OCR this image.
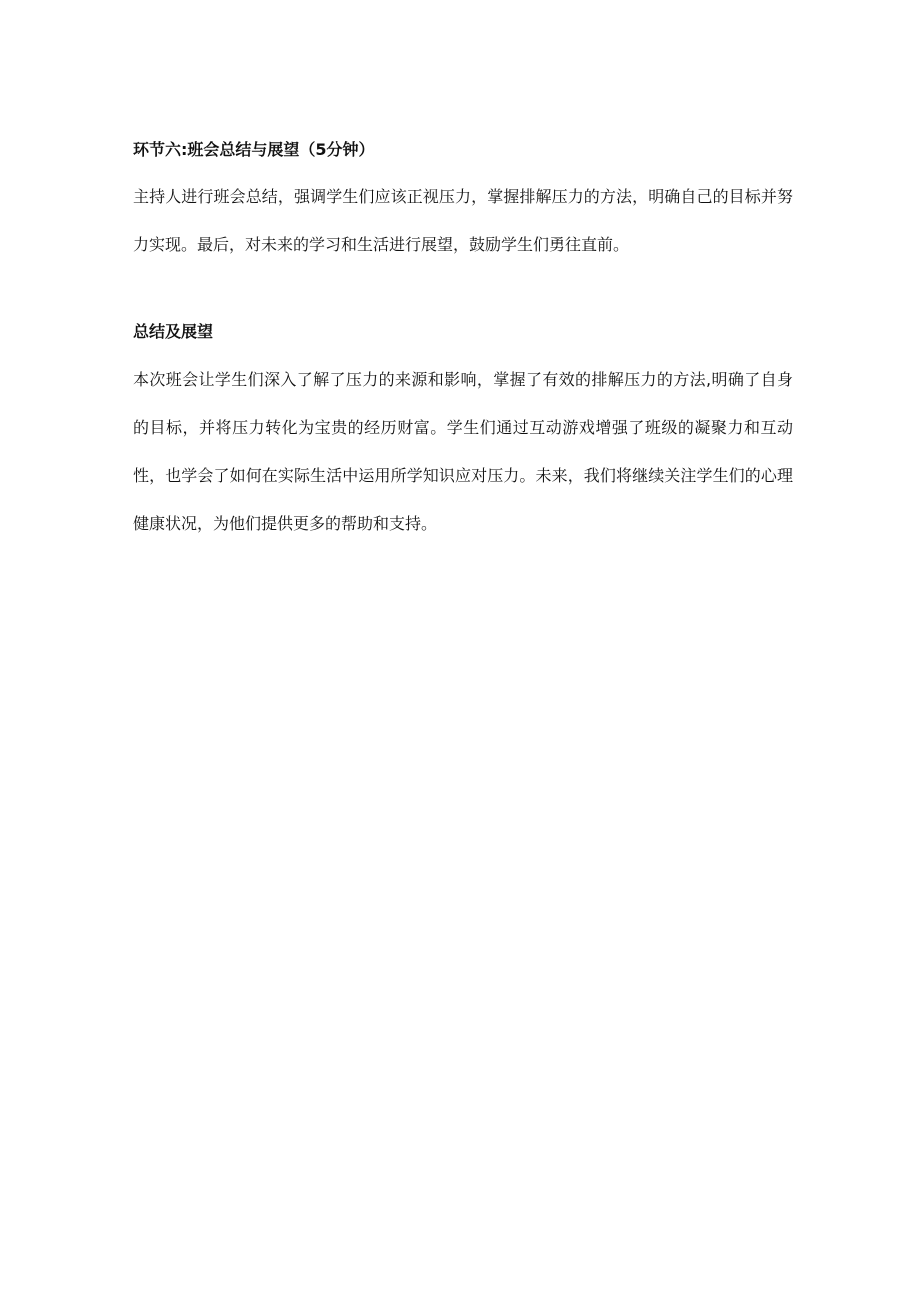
环节六:班会总结与展望（5分钟）

主持人进行班会总结，强调学生们应该正视压力，掌握排解压力的方法，明确自己的目标并努力实现。最后，对未来的学习和生活进行展望，鼓励学生们勇往直前。

总结及展望

本次班会让学生们深入了解了压力的来源和影响，掌握了有效的排解压力的方法,明确了自身的目标，并将压力转化为宝贵的经历财富。学生们通过互动游戏增强了班级的凝聚力和互动性，也学会了如何在实际生活中运用所学知识应对压力。未来，我们将继续关注学生们的心理健康状况，为他们提供更多的帮助和支持。
